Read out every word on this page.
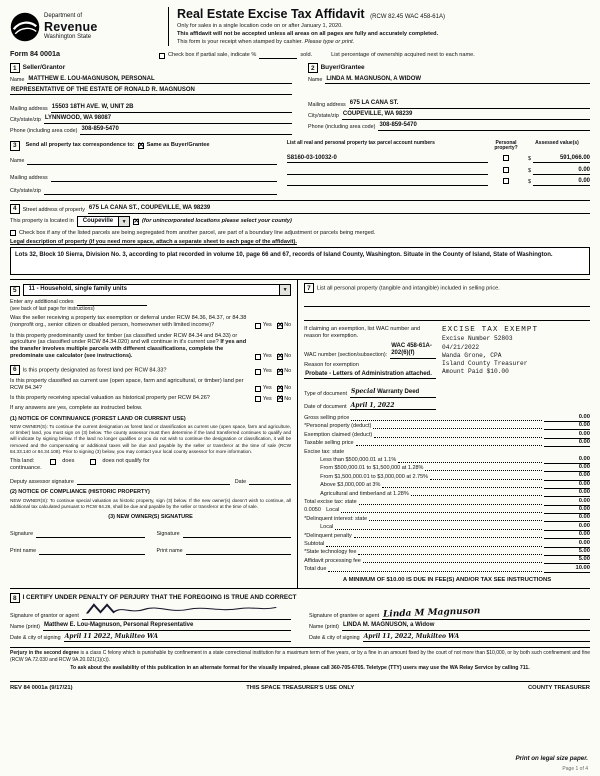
Department of
Revenue
Washington State
Real Estate Excise Tax Affidavit (RCW 82.45 WAC 458-61A)
Only for sales in a single location code on or after January 1, 2020.
This affidavit will not be accepted unless all areas on all pages are fully and accurately completed.
This form is your receipt when stamped by cashier. Please type or print.
Form 84 0001a	Check box if partial sale, indicate %	sold.	List percentage of ownership acquired next to each name.
1 Seller/Grantor
Name MATTHEW E. LOU-MAGNUSON, PERSONAL
REPRESENTATIVE OF THE ESTATE OF RONALD R. MAGNUSON
Mailing address 15503 18TH AVE. W, UNIT 2B
City/state/zip LYNNWOOD, WA 98087
Phone (including area code) 308-859-5470
2 Buyer/Grantee
Name LINDA M. MAGNUSON, A WIDOW
Mailing address 675 LA CANA ST.
City/state/zip COUPEVILLE, WA 98239
Phone (including area code) 308-859-5470
3	Send all property tax correspondence to: ✕ Same as Buyer/Grantee
Name
Mailing address
City/state/zip
List all real and personal property tax parcel account numbers	Personal property?
Assessed value(s)
S8160-03-10032-0	$	591,066.00
$	0.00
$	0.00
4	Street address of property 675 LA CANA ST., COUPEVILLE, WA 98239
This property is located in	Coupeville	▼ ✕	(for unincorporated locations please select your county)
Check box if any of the listed parcels are being segregated from another parcel, are part of a boundary line adjustment or parcels being merged.
Legal description of property (if you need more space, attach a separate sheet to each page of the affidavit).
Lots 32, Block 10 Sierra, Division No. 3, according to plat recorded in volume 10, page 66 and 67, records of Island County, Washington. Situate in the County of Island, State of Washington.
5	11 - Household, single family units	▼
Enter any additional codes
(see back of last page for instructions)
Was the seller receiving a property tax exemption or deferral under RCW 84.36, 84.37, or 84.38 (nonprofit org., senior citizen or disabled person, homeowner with limited income)?	Yes ✕ No
Is this property predominantly used for timber (as classified under RCW 84.34 and 84.33) or agriculture (as classified under RCW 84.34.020) and will continue in it's current use? If yes and the transfer involves multiple parcels with different classifications, complete the predominate use calculator (see instructions).	Yes ✕ No
6 Is this property designated as forest land per RCW 84.33?	Yes ✕ No
Is this property classified as current use (open space, farm and agricultural, or timber) land per RCW 84.34?	Yes ✕ No
Is this property receiving special valuation as historical property per RCW 84.26?	Yes ✕ No
If any answers are yes, complete as instructed below.
(1) NOTICE OF CONTINUANCE (FOREST LAND OR CURRENT USE)
NEW OWNER(S): To continue the current designation as forest land or classification as current use (open space, farm and agriculture, or timber) land, you must sign on (3) below. The county assessor must then determine if the land transferred continues to qualify and will indicate by signing below. If the land no longer qualifies or you do not wish to continue the designation or classification, it will be removed and the compensating or additional taxes will be due and payable by the seller or transferor at the time of sale (RCW 84.33.140 or 84.34.108). Prior to signing (3) below, you may contact your local county assessor for more information.
This land:	does	does not qualify for
continuance.
Deputy assessor signature	Date
(2) NOTICE OF COMPLIANCE (HISTORIC PROPERTY)
NEW OWNER(S): To continue special valuation as historic property, sign (3) below. If the new owner(s) doesn't wish to continue, all additional tax calculated pursuant to RCW 84.26, shall be due and payable by the seller or transferor at the time of sale.
(3) NEW OWNER(S) SIGNATURE
Signature	Signature
Print name	Print name
7 List all personal property (tangible and intangible) included in selling price.
If claiming an exemption, list WAC number and reason for exemption.
WAC number (section/subsection):
WAC 458-61A-202(6)(f)
Reason for exemption
Probate - Letters of Administration attached.
Type of document Special Warranty Deed
Date of document April 1, 2022
EXCISE TAX EXEMPT
Excise Number 52803
04/21/2022
Wanda Grone, CPA
Island County Treasurer
Amount Paid $10.00
Gross selling price	0.00
*Personal property (deduct)	0.00
Exemption claimed (deduct)	0.00
Taxable selling price	0.00
Excise tax: state
Less than $500,000.01 at 1.1%	0.00
From $500,000.01 to $1,500,000 at 1.28%	0.00
From $1,500,000.01 to $3,000,000 at 2.75%	0.00
Above $3,000,000 at 3%	0.00
Agricultural and timberland at 1.28%	0.00
Total excise tax: state	0.00
0.0050 Local	0.00
*Delinquent interest: state	0.00
Local	0.00
*Delinquent penalty	0.00
Subtotal	0.00
*State technology fee	5.00
Affidavit processing fee	5.00
Total due	10.00
A MINIMUM OF $10.00 IS DUE IN FEE(S) AND/OR TAX SEE INSTRUCTIONS
8 I CERTIFY UNDER PENALTY OF PERJURY THAT THE FOREGOING IS TRUE AND CORRECT
Signature of grantor or agent
Name (print) Matthew E. Lou-Magnuson, Personal Representative
Date & city of signing April 11 2022, Mukilteo WA
Signature of grantee or agent Linda M Magnuson
Name (print) LINDA M. MAGNUSON, a Widow
Date & city of signing April 11, 2022, Mukilteo WA
Perjury in the second degree is a class C felony which is punishable by confinement in a state correctional institution for a maximum term of five years, or by a fine in an amount fixed by the court of not more than $10,000, or by both such confinement and fine (RCW 9A.72.030 and RCW 9A.20.021(1)(c)).
To ask about the availability of this publication in an alternate format for the visually impaired, please call 360-705-6705. Teletype (TTY) users may use the WA Relay Service by calling 711.
REV 84 0001a (9/17/21)	THIS SPACE TREASURER'S USE ONLY	COUNTY TREASURER
Print on legal size paper.
Page 1 of 4
